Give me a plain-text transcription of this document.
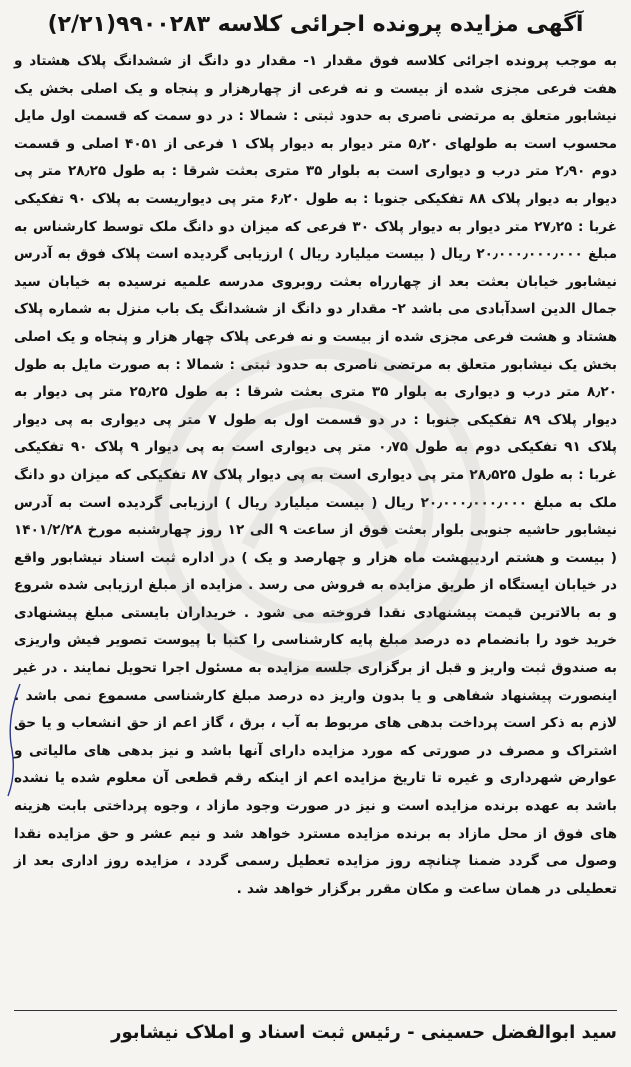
آگهی مزایده پرونده اجرائی کلاسه ۹۹۰۰۲۸۳(۲/۲۱)

به موجب پرونده اجرائی کلاسه فوق مقدار ۱- مقدار دو دانگ از ششدانگ پلاک هشتاد و هفت فرعی مجزی شده از بیست و نه فرعی از چهارهزار و پنجاه و یک اصلی بخش یک نیشابور متعلق به مرتضی ناصری به حدود ثبتی : شمالا : در دو سمت که قسمت اول مایل محسوب است به طولهای ۵٫۲۰ متر دیوار به دیوار پلاک ۱ فرعی از ۴۰۵۱ اصلی و قسمت دوم ۲٫۹۰ متر درب و دیواری است به بلوار ۳۵ متری بعثت شرقا : به طول ۲۸٫۲۵ متر پی دیوار به دیوار پلاک ۸۸ تفکیکی جنوبا : به طول ۶٫۲۰ متر پی دیواریست به پلاک ۹۰ تفکیکی غربا : ۲۷٫۲۵ متر دیوار به دیوار پلاک ۳۰ فرعی که میزان دو دانگ ملک توسط کارشناس به مبلغ ۲۰٫۰۰۰٫۰۰۰٫۰۰۰ ریال ( بیست میلیارد ریال ) ارزیابی گردیده است پلاک فوق به آدرس نیشابور خیابان بعثت بعد از چهارراه بعثت روبروی مدرسه علمیه نرسیده به خیابان سید جمال الدین اسدآبادی می باشد ۲- مقدار دو دانگ از ششدانگ یک باب منزل به شماره پلاک هشتاد و هشت فرعی مجزی شده از بیست و نه فرعی پلاک چهار هزار و پنجاه و یک اصلی بخش یک نیشابور متعلق به مرتضی ناصری به حدود ثبتی : شمالا : به صورت مایل به طول ۸٫۲۰ متر درب و دیواری به بلوار ۳۵ متری بعثت شرقا : به طول ۲۵٫۲۵ متر پی دیوار به دیوار پلاک ۸۹ تفکیکی جنوبا : در دو قسمت اول به طول ۷ متر پی دیواری به پی دیوار پلاک ۹۱ تفکیکی دوم به طول ۰٫۷۵ متر پی دیواری است به پی دیوار ۹ پلاک ۹۰ تفکیکی غربا : به طول ۲۸٫۵۲۵ متر پی دیواری است به پی دیوار پلاک ۸۷ تفکیکی که میزان دو دانگ ملک به مبلغ ۲۰٫۰۰۰٫۰۰۰٫۰۰۰ ریال ( بیست میلیارد ریال ) ارزیابی گردیده است به آدرس نیشابور حاشیه جنوبی بلوار بعثت فوق از ساعت ۹ الی ۱۲ روز چهارشنبه مورخ ۱۴۰۱/۲/۲۸ ( بیست و هشتم اردیبهشت ماه هزار و چهارصد و یک ) در اداره ثبت اسناد نیشابور واقع در خیابان ایستگاه از طریق مزایده به فروش می رسد . مزایده از مبلغ ارزیابی شده شروع و به بالاترین قیمت پیشنهادی نقدا فروخته می شود . خریداران بایستی مبلغ پیشنهادی خرید خود را بانضمام ده درصد مبلغ پایه کارشناسی را کتبا با پیوست تصویر فیش واریزی به صندوق ثبت واریز و قبل از برگزاری جلسه مزایده به مسئول اجرا تحویل نمایند . در غیر اینصورت پیشنهاد شفاهی و یا بدون واریز ده درصد مبلغ کارشناسی مسموع نمی باشد . لازم به ذکر است پرداخت بدهی های مربوط به آب ، برق ، گاز اعم از حق انشعاب و یا حق اشتراک و مصرف در صورتی که مورد مزایده دارای آنها باشد و نیز بدهی های مالیاتی و عوارض شهرداری و غیره تا تاریخ مزایده اعم از اینکه رقم قطعی آن معلوم شده یا نشده باشد به عهده برنده مزایده است و نیز در صورت وجود مازاد ، وجوه پرداختی بابت هزینه های فوق از محل مازاد به برنده مزایده مسترد خواهد شد و نیم عشر و حق مزایده نقدا وصول می گردد ضمنا چنانچه روز مزایده تعطیل رسمی گردد ، مزایده روز اداری بعد از تعطیلی در همان ساعت و مکان مقرر برگزار خواهد شد .

سید ابوالفضل حسینی - رئیس ثبت اسناد و املاک نیشابور
